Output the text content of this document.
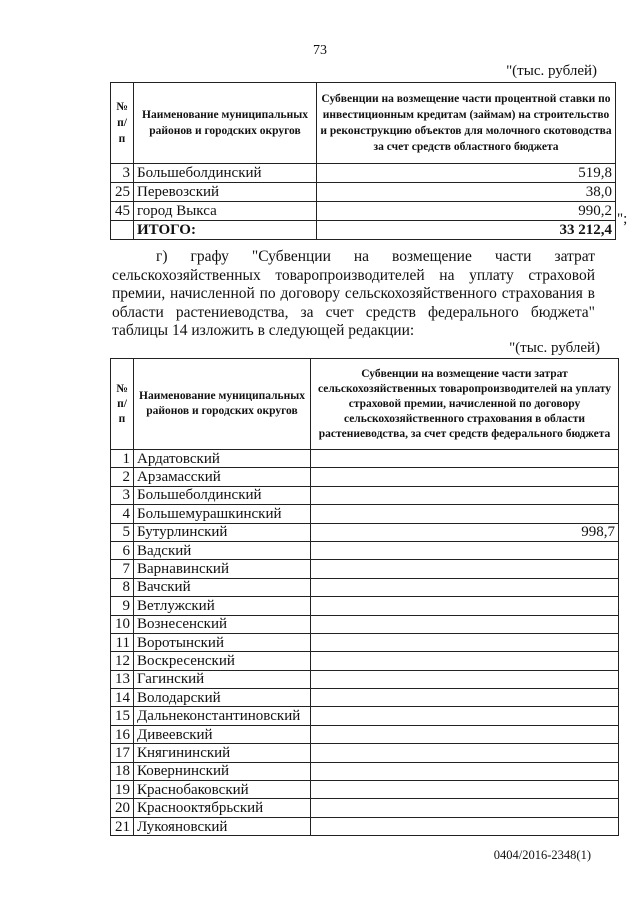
73
"(тыс. рублей)
№ п/п	Наименование муниципальных районов и городских округов	Субвенции на возмещение части процентной ставки по инвестиционным кредитам (займам) на строительство и реконструкцию объектов для молочного скотоводства за счет средств областного бюджета
3	Большеболдинский	519,8
25	Перевозский	38,0
45	город Выкса	990,2
	ИТОГО:	33 212,4
";
г) графу "Субвенции на возмещение части затрат сельскохозяйственных товаропроизводителей на уплату страховой премии, начисленной по договору сельскохозяйственного страхования в области растениеводства, за счет средств федерального бюджета" таблицы 14 изложить в следующей редакции:
"(тыс. рублей)
№ п/п	Наименование муниципальных районов и городских округов	Субвенции на возмещение части затрат сельскохозяйственных товаропроизводителей на уплату страховой премии, начисленной по договору сельскохозяйственного страхования в области растениеводства, за счет средств федерального бюджета
1	Ардатовский	
2	Арзамасский	
3	Большеболдинский	
4	Большемурашкинский	
5	Бутурлинский	998,7
6	Вадский	
7	Варнавинский	
8	Вачский	
9	Ветлужский	
10	Вознесенский	
11	Воротынский	
12	Воскресенский	
13	Гагинский	
14	Володарский	
15	Дальнеконстантиновский	
16	Дивеевский	
17	Княгининский	
18	Ковернинский	
19	Краснобаковский	
20	Краснооктябрьский	
21	Лукояновский	
0404/2016-2348(1)
